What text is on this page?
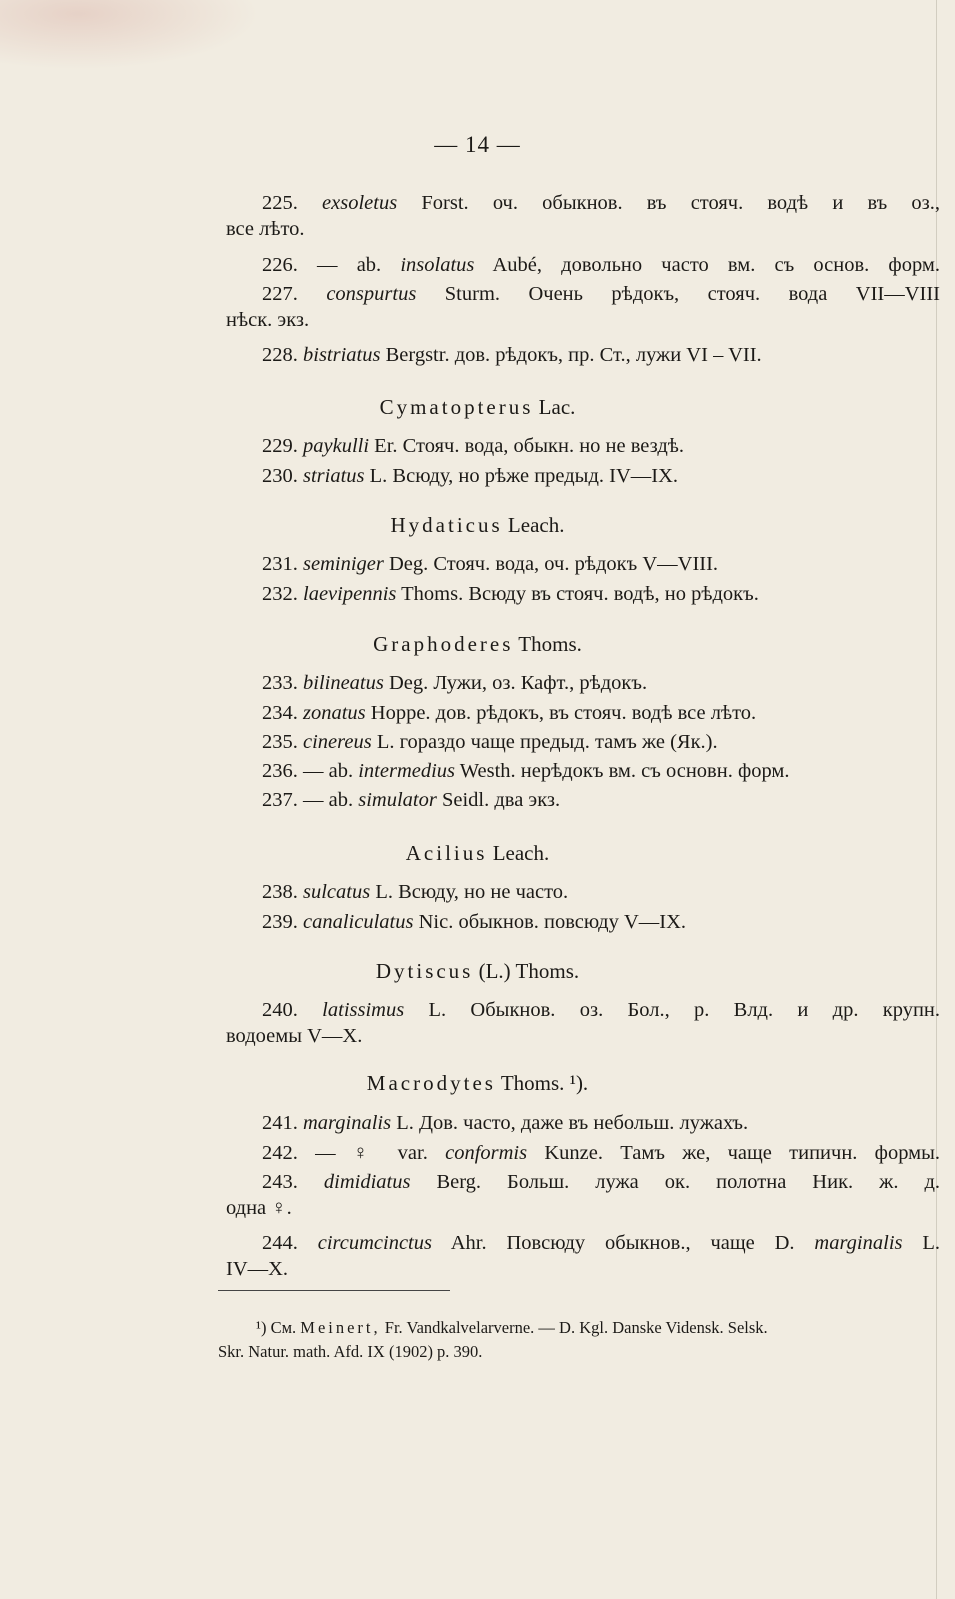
— 14 —
225. exsoletus Forst. оч. обыкнов. въ стояч. водѣ и въ оз.,
все лѣто.
226. — ab. insolatus Aubé, довольно часто вм. съ основ. форм.
227. conspurtus Sturm. Очень рѣдокъ, стояч. вода VII—VIII
нѣск. экз.
228. bistriatus Bergstr. дов. рѣдокъ, пр. Ст., лужи VI – VII.
Cymatopterus Lac.
229. paykulli Er. Стояч. вода, обыкн. но не вездѣ.
230. striatus L. Всюду, но рѣже предыд. IV—IX.
Hydaticus Leach.
231. seminiger Deg. Стояч. вода, оч. рѣдокъ V—VIII.
232. laevipennis Thoms. Всюду въ стояч. водѣ, но рѣдокъ.
Graphoderes Thoms.
233. bilineatus Deg. Лужи, оз. Кафт., рѣдокъ.
234. zonatus Hoppe. дов. рѣдокъ, въ стояч. водѣ все лѣто.
235. cinereus L. гораздо чаще предыд. тамъ же (Як.).
236. — ab. intermedius Westh. нерѣдокъ вм. съ основн. форм.
237. — ab. simulator Seidl. два экз.
Acilius Leach.
238. sulcatus L. Всюду, но не часто.
239. canaliculatus Nic. обыкнов. повсюду V—IX.
Dytiscus (L.) Thoms.
240. latissimus L. Обыкнов. оз. Бол., р. Влд. и др. крупн.
водоемы V—X.
Macrodytes Thoms. ¹).
241. marginalis L. Дов. часто, даже въ небольш. лужахъ.
242. — ♀ var. conformis Kunze. Тамъ же, чаще типичн. формы.
243. dimidiatus Berg. Больш. лужа ок. полотна Ник. ж. д.
одна ♀.
244. circumcinctus Ahr. Повсюду обыкнов., чаще D. marginalis L.
IV—X.
¹) См. Meinert, Fr. Vandkalvelarverne. — D. Kgl. Danske Vidensk. Selsk.
Skr. Natur. math. Afd. IX (1902) p. 390.
